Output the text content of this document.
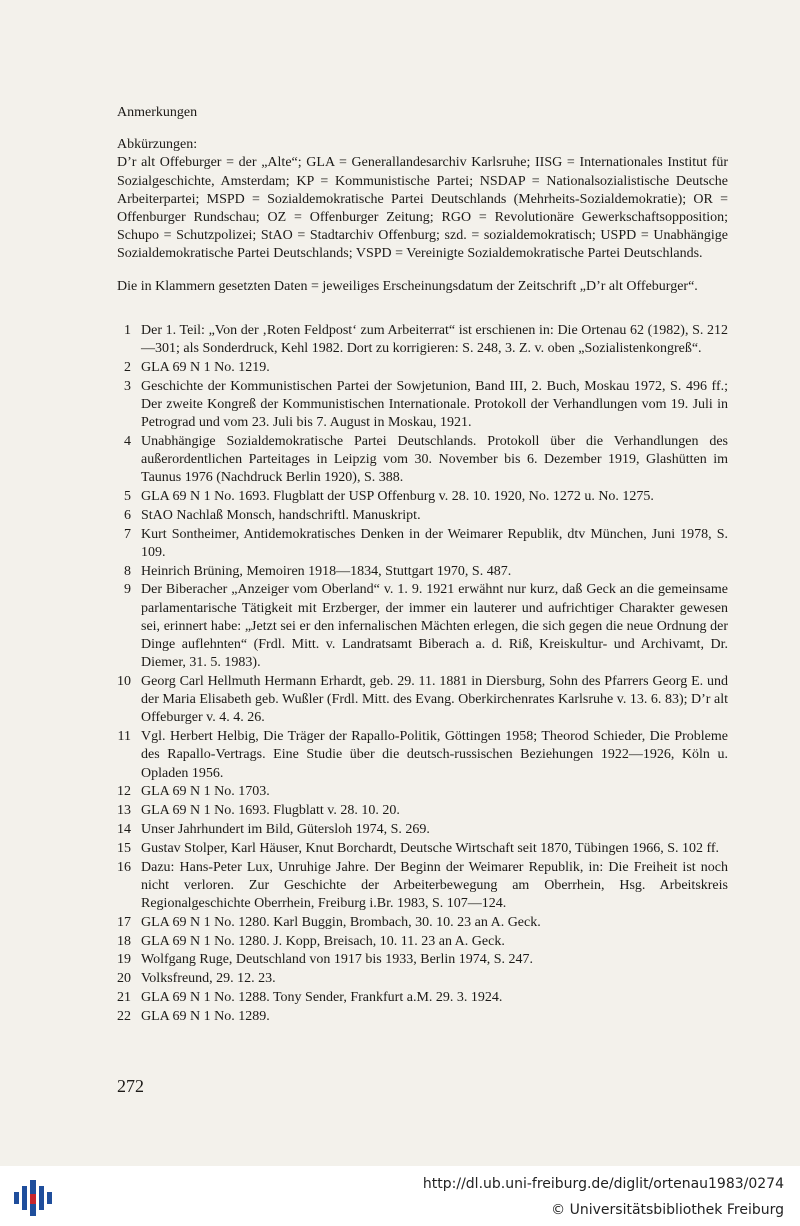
Anmerkungen

Abkürzungen:

D’r alt Offeburger = der „Alte“; GLA = Generallandesarchiv Karlsruhe; IISG = Internationales Institut für Sozialgeschichte, Amsterdam; KP = Kommunistische Partei; NSDAP = Nationalsozialistische Deutsche Arbeiterpartei; MSPD = Sozialdemokratische Partei Deutschlands (Mehrheits-Sozialdemokratie); OR = Offenburger Rundschau; OZ = Offenburger Zeitung; RGO = Revolutionäre Gewerkschaftsopposition; Schupo = Schutzpolizei; StAO = Stadtarchiv Offenburg; szd. = sozialdemokratisch; USPD = Unabhängige Sozialdemokratische Partei Deutschlands; VSPD = Vereinigte Sozialdemokratische Partei Deutschlands.

Die in Klammern gesetzten Daten = jeweiliges Erscheinungsdatum der Zeitschrift „D’r alt Offeburger“.

1 Der 1. Teil: „Von der ‚Roten Feldpost‘ zum Arbeiterrat“ ist erschienen in: Die Ortenau 62 (1982), S. 212—301; als Sonderdruck, Kehl 1982. Dort zu korrigieren: S. 248, 3. Z. v. oben „Sozialistenkongreß“.
2 GLA 69 N 1 No. 1219.
3 Geschichte der Kommunistischen Partei der Sowjetunion, Band III, 2. Buch, Moskau 1972, S. 496 ff.; Der zweite Kongreß der Kommunistischen Internationale. Protokoll der Verhandlungen vom 19. Juli in Petrograd und vom 23. Juli bis 7. August in Moskau, 1921.
4 Unabhängige Sozialdemokratische Partei Deutschlands. Protokoll über die Verhandlungen des außerordentlichen Parteitages in Leipzig vom 30. November bis 6. Dezember 1919, Glashütten im Taunus 1976 (Nachdruck Berlin 1920), S. 388.
5 GLA 69 N 1 No. 1693. Flugblatt der USP Offenburg v. 28. 10. 1920, No. 1272 u. No. 1275.
6 StAO Nachlaß Monsch, handschriftl. Manuskript.
7 Kurt Sontheimer, Antidemokratisches Denken in der Weimarer Republik, dtv München, Juni 1978, S. 109.
8 Heinrich Brüning, Memoiren 1918—1834, Stuttgart 1970, S. 487.
9 Der Biberacher „Anzeiger vom Oberland“ v. 1. 9. 1921 erwähnt nur kurz, daß Geck an die gemeinsame parlamentarische Tätigkeit mit Erzberger, der immer ein lauterer und aufrichtiger Charakter gewesen sei, erinnert habe: „Jetzt sei er den infernalischen Mächten erlegen, die sich gegen die neue Ordnung der Dinge auflehnten“ (Frdl. Mitt. v. Landratsamt Biberach a. d. Riß, Kreiskultur- und Archivamt, Dr. Diemer, 31. 5. 1983).
10 Georg Carl Hellmuth Hermann Erhardt, geb. 29. 11. 1881 in Diersburg, Sohn des Pfarrers Georg E. und der Maria Elisabeth geb. Wußler (Frdl. Mitt. des Evang. Oberkirchenrates Karlsruhe v. 13. 6. 83); D’r alt Offeburger v. 4. 4. 26.
11 Vgl. Herbert Helbig, Die Träger der Rapallo-Politik, Göttingen 1958; Theorod Schieder, Die Probleme des Rapallo-Vertrags. Eine Studie über die deutsch-russischen Beziehungen 1922—1926, Köln u. Opladen 1956.
12 GLA 69 N 1 No. 1703.
13 GLA 69 N 1 No. 1693. Flugblatt v. 28. 10. 20.
14 Unser Jahrhundert im Bild, Gütersloh 1974, S. 269.
15 Gustav Stolper, Karl Häuser, Knut Borchardt, Deutsche Wirtschaft seit 1870, Tübingen 1966, S. 102 ff.
16 Dazu: Hans-Peter Lux, Unruhige Jahre. Der Beginn der Weimarer Republik, in: Die Freiheit ist noch nicht verloren. Zur Geschichte der Arbeiterbewegung am Oberrhein, Hsg. Arbeitskreis Regionalgeschichte Oberrhein, Freiburg i.Br. 1983, S. 107—124.
17 GLA 69 N 1 No. 1280. Karl Buggin, Brombach, 30. 10. 23 an A. Geck.
18 GLA 69 N 1 No. 1280. J. Kopp, Breisach, 10. 11. 23 an A. Geck.
19 Wolfgang Ruge, Deutschland von 1917 bis 1933, Berlin 1974, S. 247.
20 Volksfreund, 29. 12. 23.
21 GLA 69 N 1 No. 1288. Tony Sender, Frankfurt a.M. 29. 3. 1924.
22 GLA 69 N 1 No. 1289.
272
http://dl.ub.uni-freiburg.de/diglit/ortenau1983/0274
© Universitätsbibliothek Freiburg
